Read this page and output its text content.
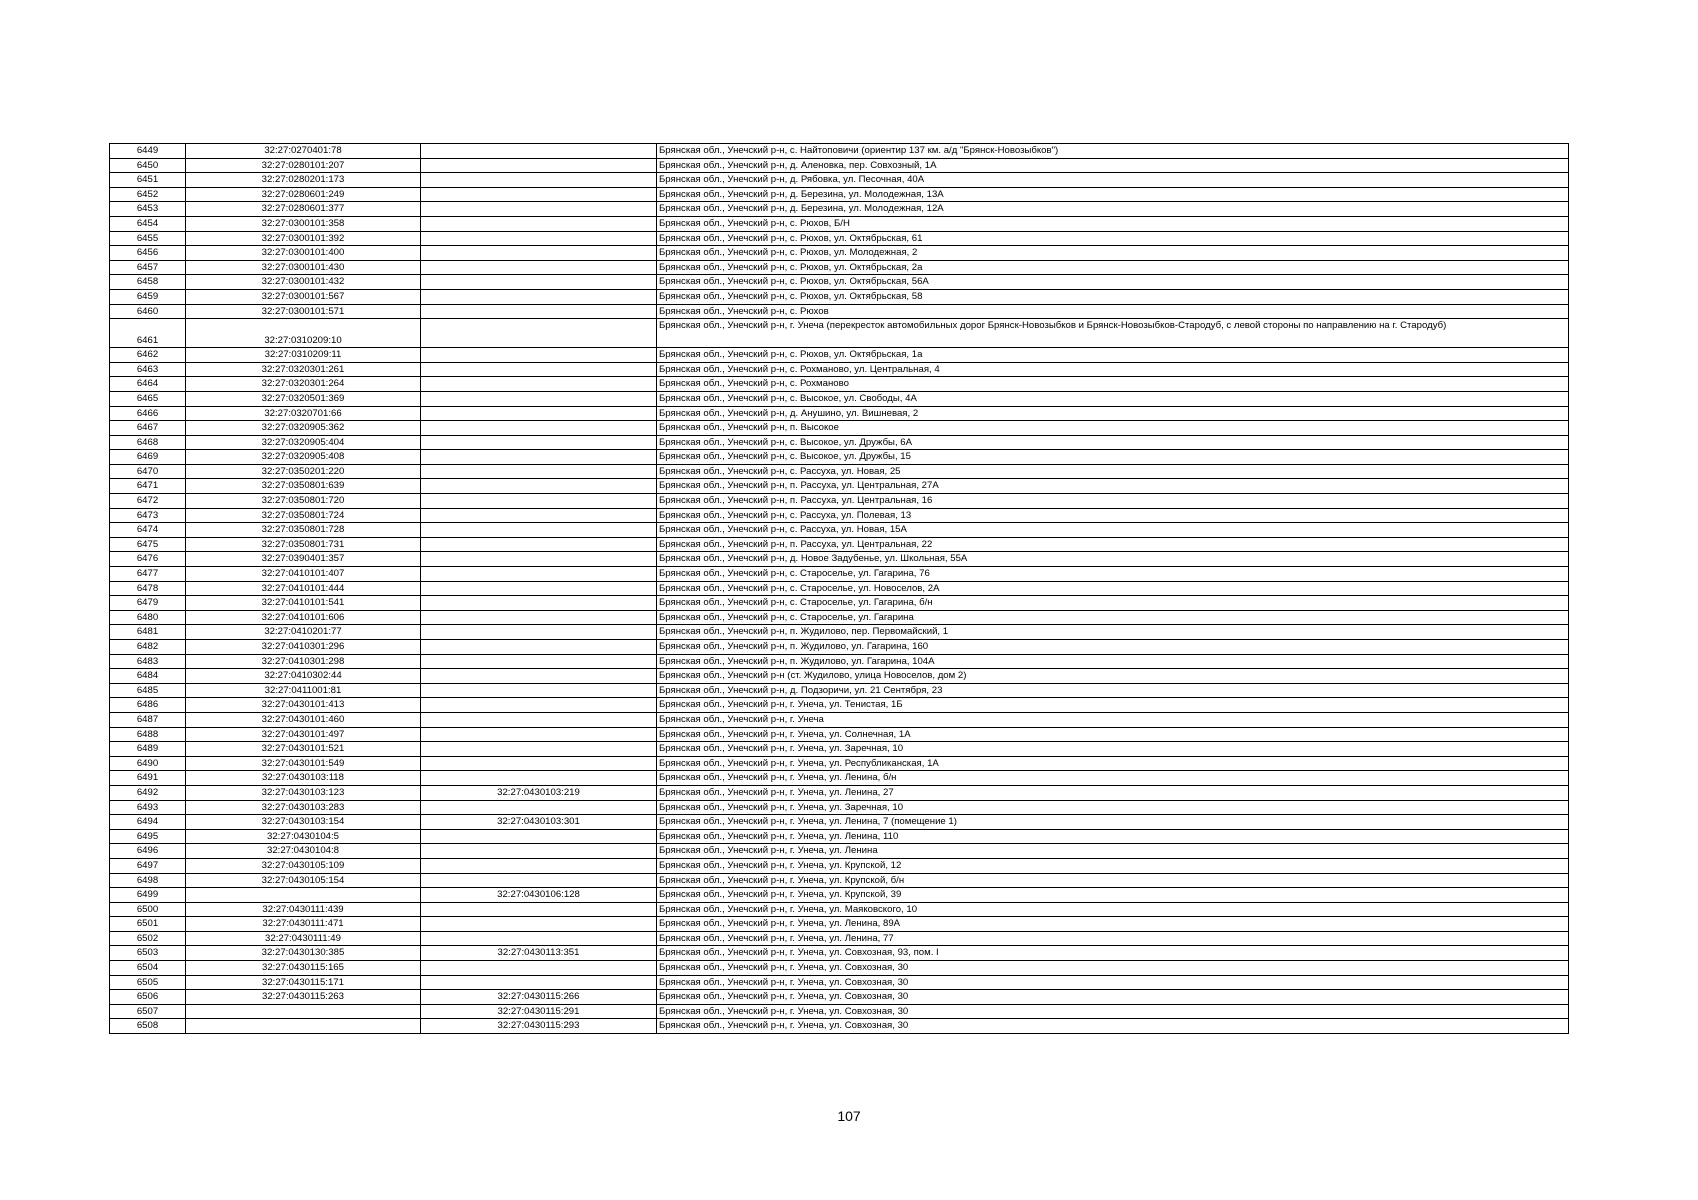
6449	32:27:0270401:78		Брянская обл., Унечский р-н, с. Найтоповичи (ориентир 137 км. а/д "Брянск-Новозыбков")
6450	32:27:0280101:207		Брянская обл., Унечский р-н, д. Аленовка, пер. Совхозный, 1А
6451	32:27:0280201:173		Брянская обл., Унечский р-н, д. Рябовка, ул. Песочная, 40А
6452	32:27:0280601:249		Брянская обл., Унечский р-н, д. Березина, ул. Молодежная, 13А
6453	32:27:0280601:377		Брянская обл., Унечский р-н, д. Березина, ул. Молодежная, 12А
6454	32:27:0300101:358		Брянская обл., Унечский р-н, с. Рюхов, Б/Н
6455	32:27:0300101:392		Брянская обл., Унечский р-н, с. Рюхов, ул. Октябрьская, 61
6456	32:27:0300101:400		Брянская обл., Унечский р-н, с. Рюхов, ул. Молодежная, 2
6457	32:27:0300101:430		Брянская обл., Унечский р-н, с. Рюхов, ул. Октябрьская, 2а
6458	32:27:0300101:432		Брянская обл., Унечский р-н, с. Рюхов, ул. Октябрьская, 56А
6459	32:27:0300101:567		Брянская обл., Унечский р-н, с. Рюхов, ул. Октябрьская, 58
6460	32:27:0300101:571		Брянская обл., Унечский р-н, с. Рюхов
6461	32:27:0310209:10		Брянская обл., Унечский р-н, г. Унеча (перекресток автомобильных дорог Брянск-Новозыбков и Брянск-Новозыбков-Стародуб, с левой стороны по направлению на г. Стародуб)
6462	32:27:0310209:11		Брянская обл., Унечский р-н, с. Рюхов, ул. Октябрьская, 1а
6463	32:27:0320301:261		Брянская обл., Унечский р-н, с. Рохманово, ул. Центральная, 4
6464	32:27:0320301:264		Брянская обл., Унечский р-н, с. Рохманово
6465	32:27:0320501:369		Брянская обл., Унечский р-н, с. Высокое, ул. Свободы, 4А
6466	32:27:0320701:66		Брянская обл., Унечский р-н, д. Анушино, ул. Вишневая, 2
6467	32:27:0320905:362		Брянская обл., Унечский р-н, п. Высокое
6468	32:27:0320905:404		Брянская обл., Унечский р-н, с. Высокое, ул. Дружбы, 6А
6469	32:27:0320905:408		Брянская обл., Унечский р-н, с. Высокое, ул. Дружбы, 15
6470	32:27:0350201:220		Брянская обл., Унечский р-н, с. Рассуха, ул. Новая, 25
6471	32:27:0350801:639		Брянская обл., Унечский р-н, п. Рассуха, ул. Центральная, 27А
6472	32:27:0350801:720		Брянская обл., Унечский р-н, п. Рассуха, ул. Центральная, 16
6473	32:27:0350801:724		Брянская обл., Унечский р-н, с. Рассуха, ул. Полевая, 13
6474	32:27:0350801:728		Брянская обл., Унечский р-н, с. Рассуха, ул. Новая, 15А
6475	32:27:0350801:731		Брянская обл., Унечский р-н, п. Рассуха, ул. Центральная, 22
6476	32:27:0390401:357		Брянская обл., Унечский р-н, д. Новое Задубенье, ул. Школьная, 55А
6477	32:27:0410101:407		Брянская обл., Унечский р-н, с. Староселье, ул. Гагарина, 76
6478	32:27:0410101:444		Брянская обл., Унечский р-н, с. Староселье, ул. Новоселов, 2А
6479	32:27:0410101:541		Брянская обл., Унечский р-н, с. Староселье, ул. Гагарина, б/н
6480	32:27:0410101:606		Брянская обл., Унечский р-н, с. Староселье, ул. Гагарина
6481	32:27:0410201:77		Брянская обл., Унечский р-н, п. Жудилово, пер. Первомайский, 1
6482	32:27:0410301:296		Брянская обл., Унечский р-н, п. Жудилово, ул. Гагарина, 160
6483	32:27:0410301:298		Брянская обл., Унечский р-н, п. Жудилово, ул. Гагарина, 104А
6484	32:27:0410302:44		Брянская обл., Унечский р-н (ст. Жудилово, улица Новоселов, дом 2)
6485	32:27:0411001:81		Брянская обл., Унечский р-н, д. Подзоричи, ул. 21 Сентября, 23
6486	32:27:0430101:413		Брянская обл., Унечский р-н, г. Унеча, ул. Тенистая, 1Б
6487	32:27:0430101:460		Брянская обл., Унечский р-н, г. Унеча
6488	32:27:0430101:497		Брянская обл., Унечский р-н, г. Унеча, ул. Солнечная, 1А
6489	32:27:0430101:521		Брянская обл., Унечский р-н, г. Унеча, ул. Заречная, 10
6490	32:27:0430101:549		Брянская обл., Унечский р-н, г. Унеча, ул. Республиканская, 1А
6491	32:27:0430103:118		Брянская обл., Унечский р-н, г. Унеча, ул. Ленина, б/н
6492	32:27:0430103:123	32:27:0430103:219	Брянская обл., Унечский р-н, г. Унеча, ул. Ленина, 27
6493	32:27:0430103:283		Брянская обл., Унечский р-н, г. Унеча, ул. Заречная, 10
6494	32:27:0430103:154	32:27:0430103:301	Брянская обл., Унечский р-н, г. Унеча, ул. Ленина, 7 (помещение 1)
6495	32:27:0430104:5		Брянская обл., Унечский р-н, г. Унеча, ул. Ленина, 110
6496	32:27:0430104:8		Брянская обл., Унечский р-н, г. Унеча, ул. Ленина
6497	32:27:0430105:109		Брянская обл., Унечский р-н, г. Унеча, ул. Крупской, 12
6498	32:27:0430105:154		Брянская обл., Унечский р-н, г. Унеча, ул. Крупской, б/н
6499		32:27:0430106:128	Брянская обл., Унечский р-н, г. Унеча, ул. Крупской, 39
6500	32:27:0430111:439		Брянская обл., Унечский р-н, г. Унеча, ул. Маяковского, 10
6501	32:27:0430111:471		Брянская обл., Унечский р-н, г. Унеча, ул. Ленина, 89А
6502	32:27:0430111:49		Брянская обл., Унечский р-н, г. Унеча, ул. Ленина, 77
6503	32:27:0430130:385	32:27:0430113:351	Брянская обл., Унечский р-н, г. Унеча, ул. Совхозная, 93, пом. I
6504	32:27:0430115:165		Брянская обл., Унечский р-н, г. Унеча, ул. Совхозная, 30
6505	32:27:0430115:171		Брянская обл., Унечский р-н, г. Унеча, ул. Совхозная, 30
6506	32:27:0430115:263	32:27:0430115:266	Брянская обл., Унечский р-н, г. Унеча, ул. Совхозная, 30
6507		32:27:0430115:291	Брянская обл., Унечский р-н, г. Унеча, ул. Совхозная, 30
6508		32:27:0430115:293	Брянская обл., Унечский р-н, г. Унеча, ул. Совхозная, 30
107
